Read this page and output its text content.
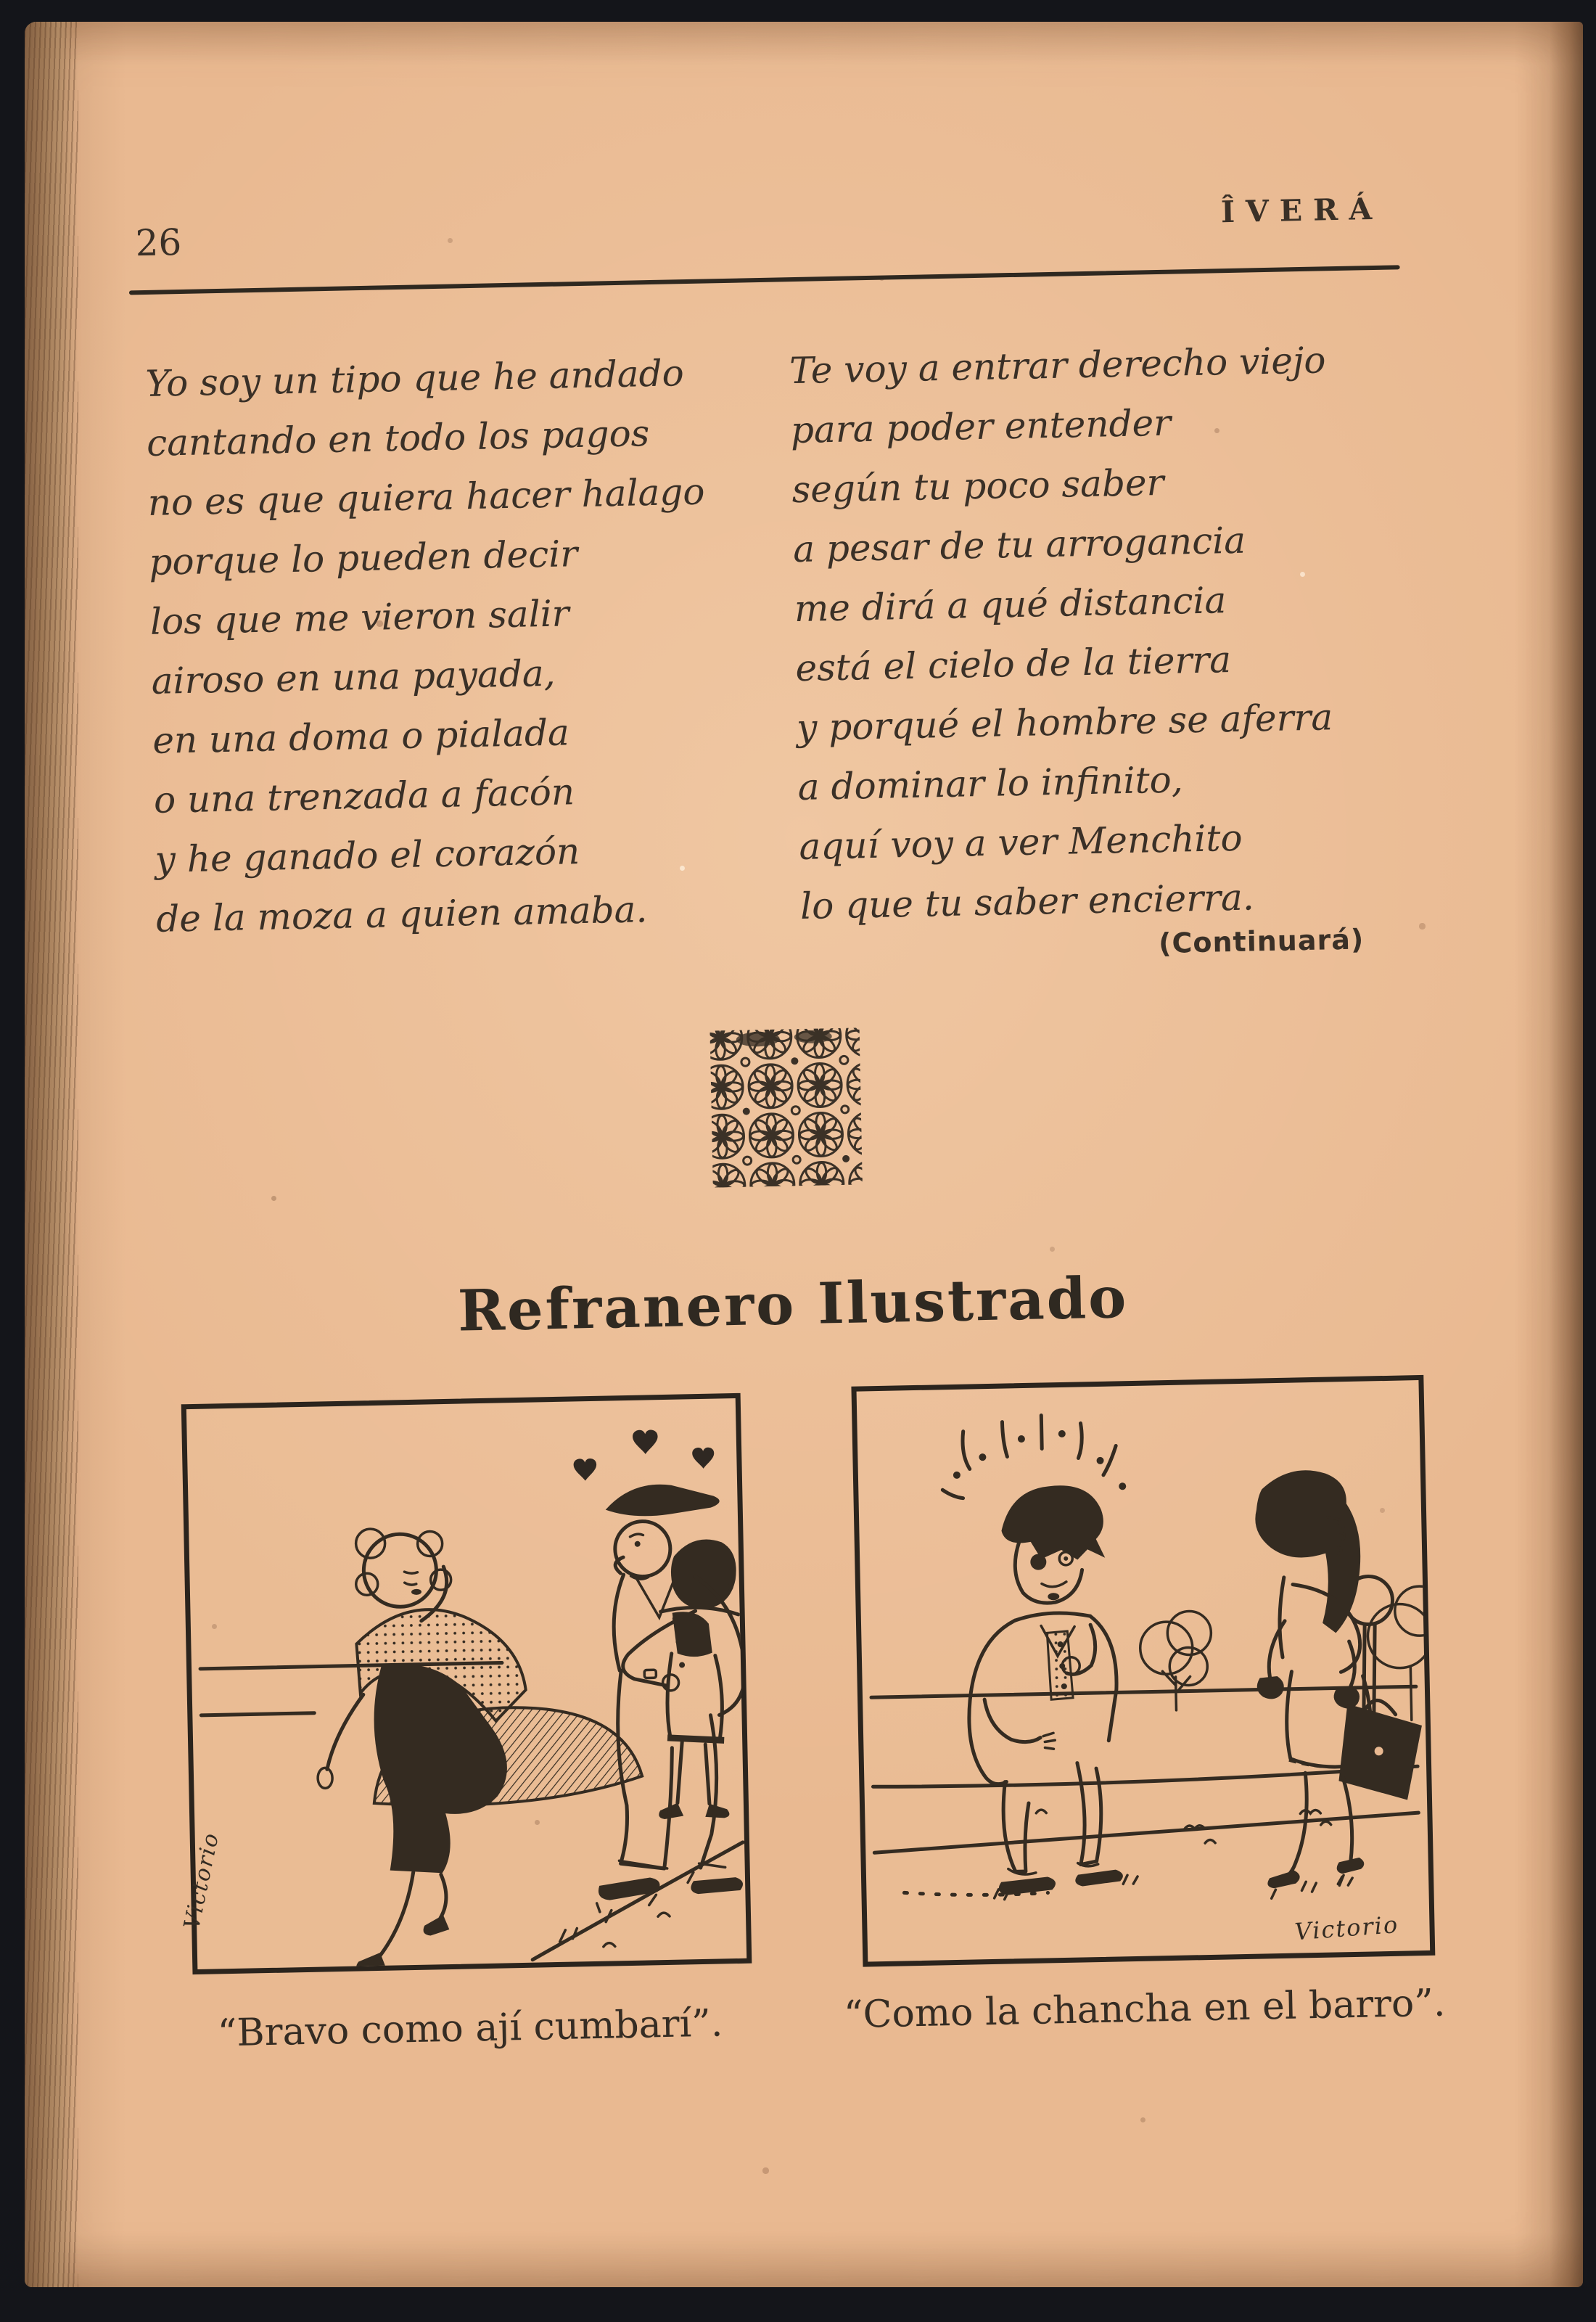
26
ÎVERÁ
Yo soy un tipo que he andado
cantando en todo los pagos
no es que quiera hacer halago
porque lo pueden decir
los que me vieron salir
airoso en una payada,
en una doma o pialada
o una trenzada a facón
y he ganado el corazón
de la moza a quien amaba.
Te voy a entrar derecho viejo
para poder entender
según tu poco saber
a pesar de tu arrogancia
me dirá a qué distancia
está el cielo de la tierra
y porqué el hombre se aferra
a dominar lo infinito,
aquí voy a ver Menchito
lo que tu saber encierra.
(Continuará)
Refranero Ilustrado
Victorio	Victorio
“Bravo como ají cumbarí”.	“Como la chancha en el barro”.
